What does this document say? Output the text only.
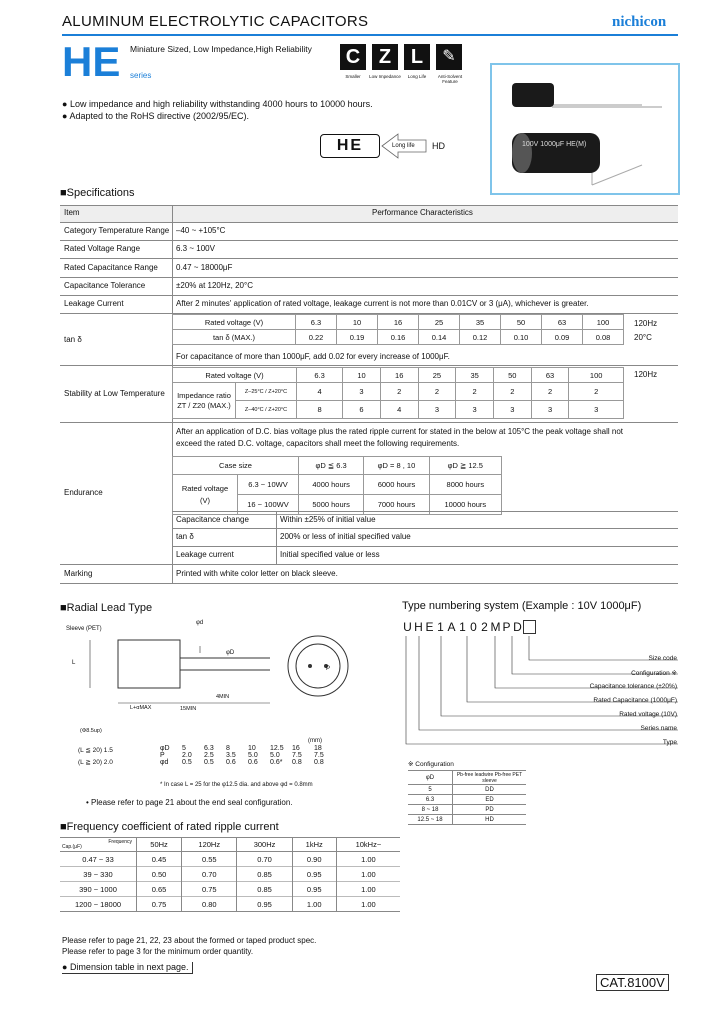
ALUMINUM ELECTROLYTIC CAPACITORS	nichicon
HE series
Miniature Sized, Low Impedance,High Reliability C Z L	✎
Smaller	Low Impedance	Long Life	Anti-Solvent Feature
● Low impedance and high reliability withstanding 4000 hours to 10000 hours.
● Adapted to the RoHS directive (2002/95/EC).
HE	Long life HD	100V 1000μF HE(M)
■Specifications
Item	Performance Characteristics
Category Temperature Range –40 ~ +105°C
Rated Voltage Range	6.3 ~ 100V
Rated Capacitance Range 0.47 ~ 18000μF
Capacitance Tolerance	±20% at 120Hz, 20°C
Leakage Current	After 2 minutes' application of rated voltage, leakage current is not more than 0.01CV or 3 (μA), whichever is greater.
tan δ
Rated voltage (V)	6.3	10	16	25	35	50	63	100
tan δ (MAX.)	0.22	0.19	0.16	0.14	0.12	0.10	0.09	0.08
120Hz
20°C
For capacitance of more than 1000μF, add 0.02 for every increase of 1000μF.
Stability at Low Temperature
Rated voltage (V)		6.3	10	16	25	35	50	63	100
Impedance ratio
ZT / Z20 (MAX.)	Z–25°C / Z+20°C	4	3	2	2	2	2	2	2
	Z–40°C / Z+20°C	8	6	4	3	3	3	3	3
120Hz
Endurance
After an application of D.C. bias voltage plus the rated ripple current for stated in the below at 105°C the peak voltage shall not
exceed the rated D.C. voltage, capacitors shall meet the following requirements.
Case size		φD ≦ 6.3	φD = 8 , 10	φD ≧ 12.5
Rated voltage
(V)	6.3 ~ 10WV	4000 hours	6000 hours	8000 hours
	16 ~ 100WV	5000 hours	7000 hours	10000 hours
Capacitance change	Within ±25% of initial value
tan δ	200% or less of initial specified value
Leakage current	Initial specified value or less
Marking	Printed with white color letter on black sleeve.
■Radial Lead Type
Sleeve (PET)
φd
L
φD
P
15MIN
4MIN
L+αMAX
(Φ8.5up)
(L ≦ 20) 1.5
(L ≧ 20) 2.0
(mm)
φD	5	6.3	8	10	12.5	16	18
P	2.0	2.5	3.5	5.0	5.0	7.5	7.5
φd	0.5	0.5	0.6	0.6	0.6*	0.8	0.8
* In case L = 25 for the φ12.5 dia. and above φd = 0.8mm
• Please refer to page 21 about the end seal configuration.
Type numbering system (Example : 10V 1000μF)
U H E 1 A 1 0 2 M P D
Size code
Configuration ※
Capacitance tolerance (±20%)
Rated Capacitance (1000μF)
Rated voltage (10V)
Series name
Type
※ Configuration
φD	Pb-free leadwire Pb-free PET sleeve
5	DD
6.3	ED
8 ~ 18	PD
12.5 ~ 18	HD
■Frequency coefficient of rated ripple current
Frequency
Cap.(μF)	50Hz	120Hz	300Hz	1kHz	10kHz~
0.47 ~ 33	0.45	0.55	0.70	0.90	1.00
39 ~ 330	0.50	0.70	0.85	0.95	1.00
390 ~ 1000	0.65	0.75	0.85	0.95	1.00
1200 ~ 18000	0.75	0.80	0.95	1.00	1.00
Please refer to page 21, 22, 23 about the formed or taped product spec.
Please refer to page 3 for the minimum order quantity.
● Dimension table in next page.
CAT.8100V
